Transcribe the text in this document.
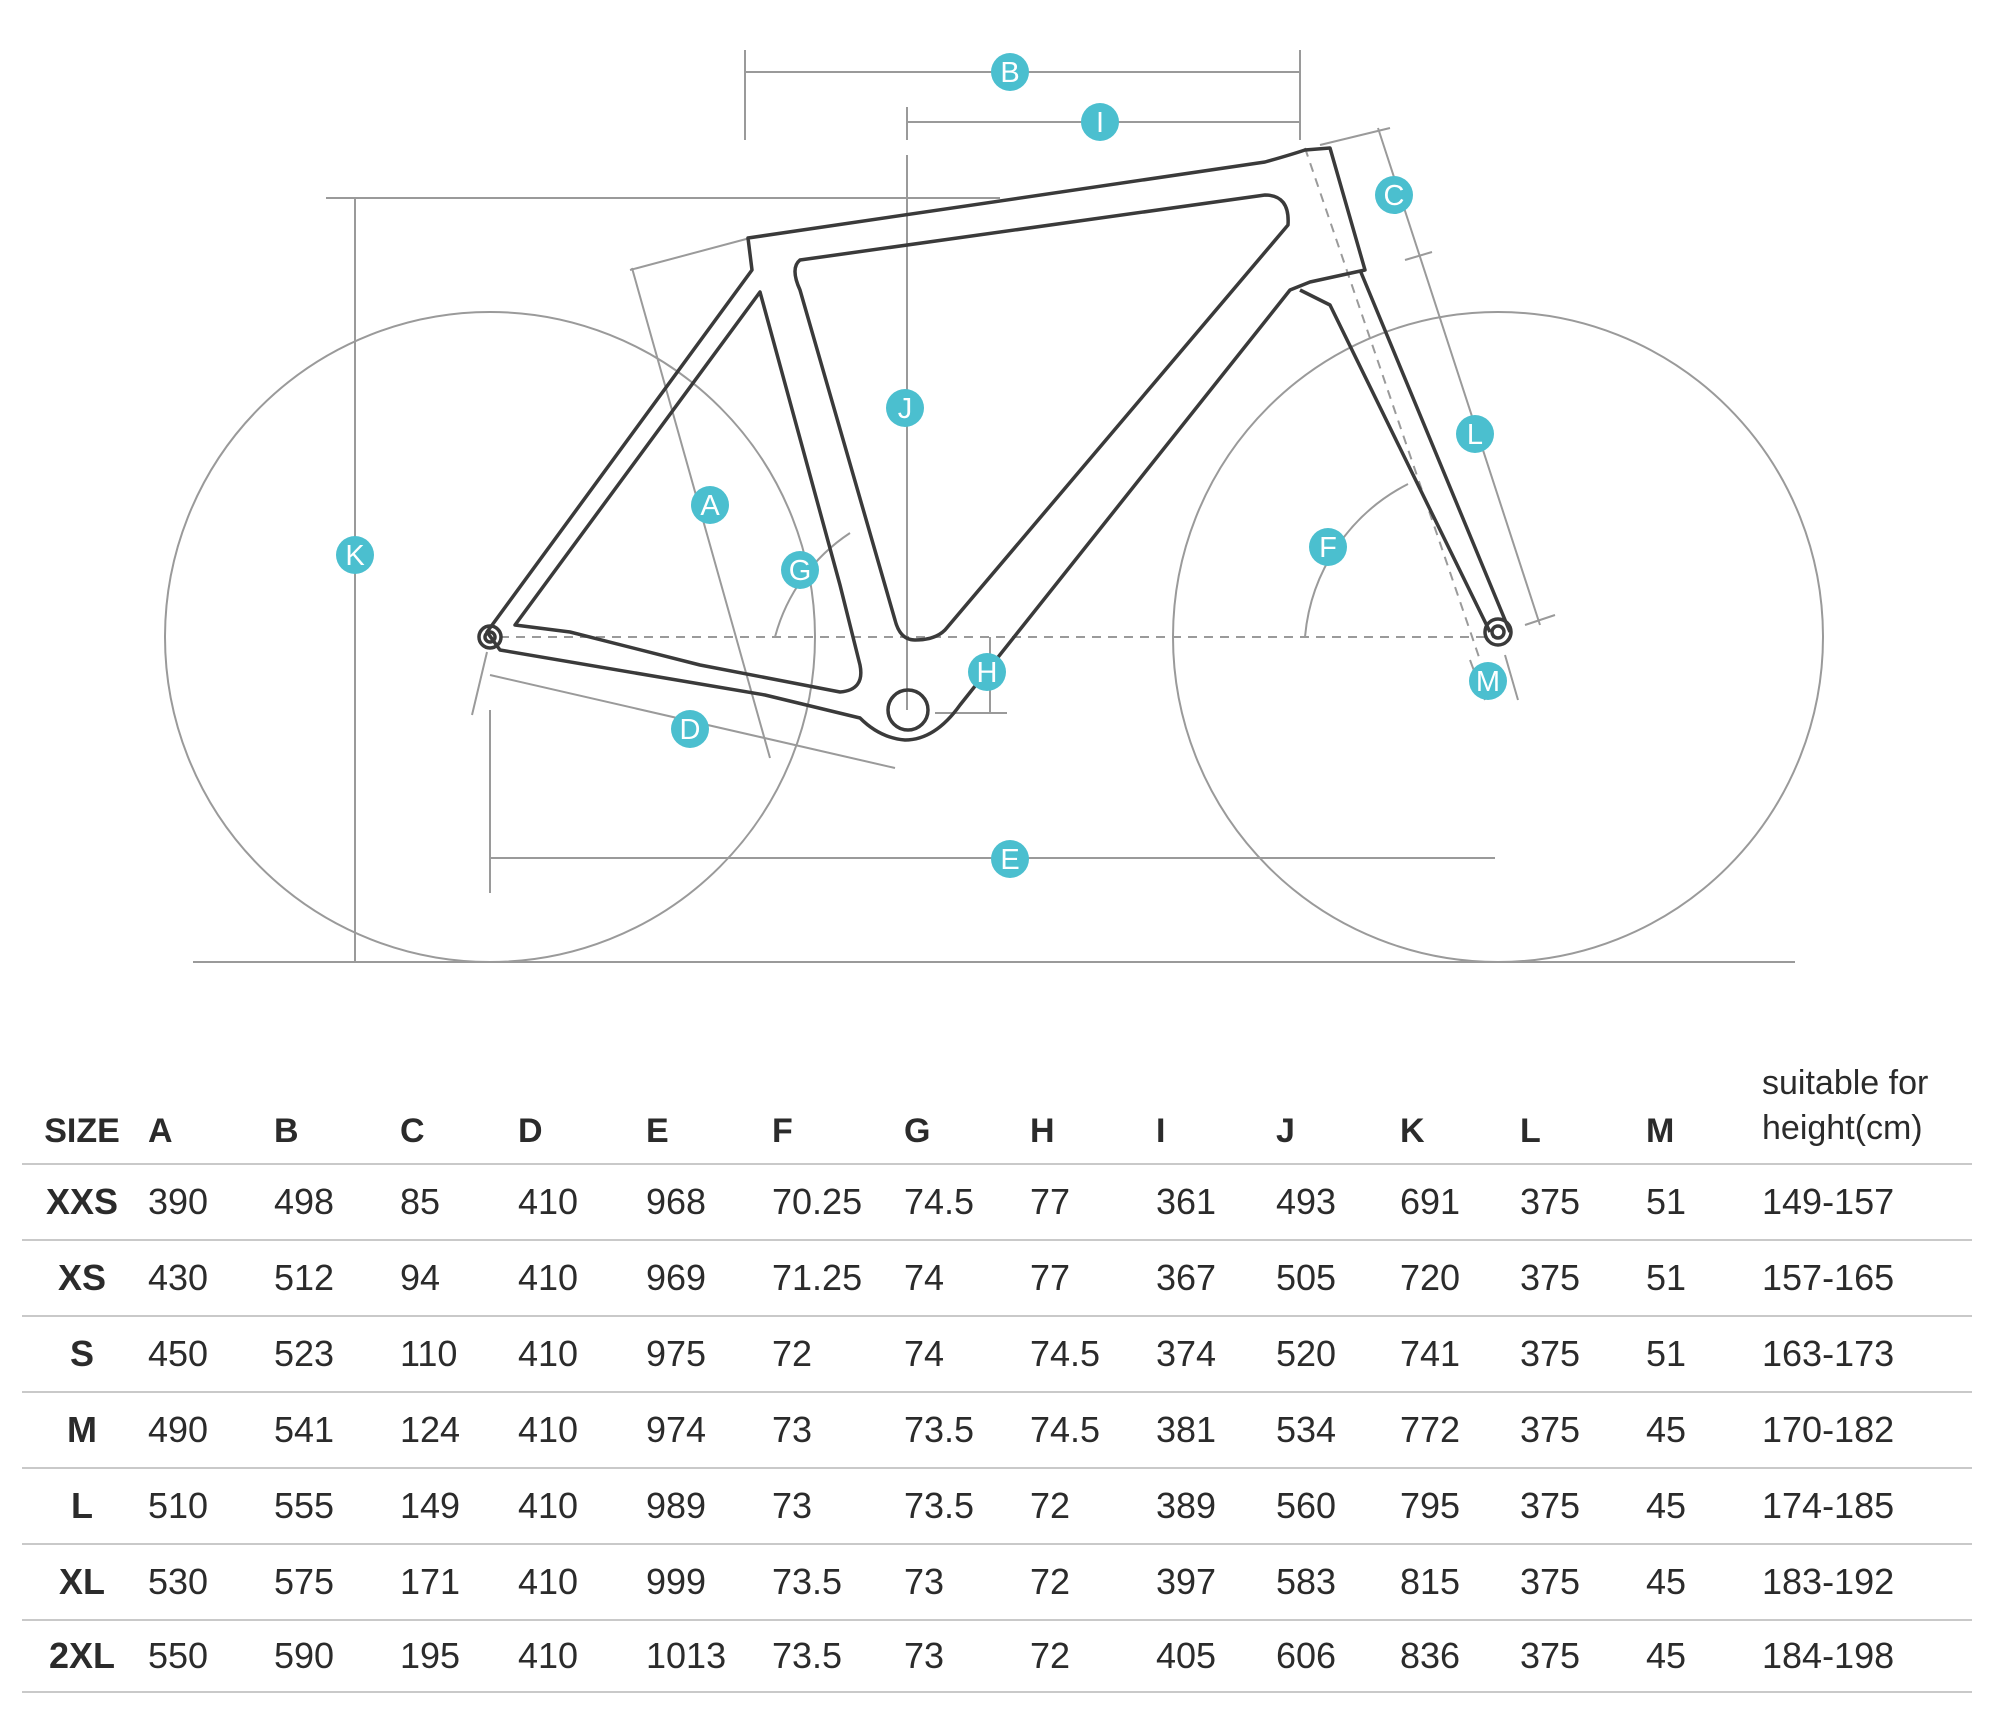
B
I
C
J
L
K
A
G
F
H	M
D
E
SIZE	A	B	C	D	E	F	G	H	I	J	K	L	M	suitable for height(cm)
XXS	390	498	85	410	968	70.25	74.5	77	361	493	691	375	51	149-157
XS	430	512	94	410	969	71.25	74	77	367	505	720	375	51	157-165
S	450	523	110	410	975	72	74	74.5	374	520	741	375	51	163-173
M	490	541	124	410	974	73	73.5	74.5	381	534	772	375	45	170-182
L	510	555	149	410	989	73	73.5	72	389	560	795	375	45	174-185
XL	530	575	171	410	999	73.5	73	72	397	583	815	375	45	183-192
2XL	550	590	195	410	1013	73.5	73	72	405	606	836	375	45	184-198
